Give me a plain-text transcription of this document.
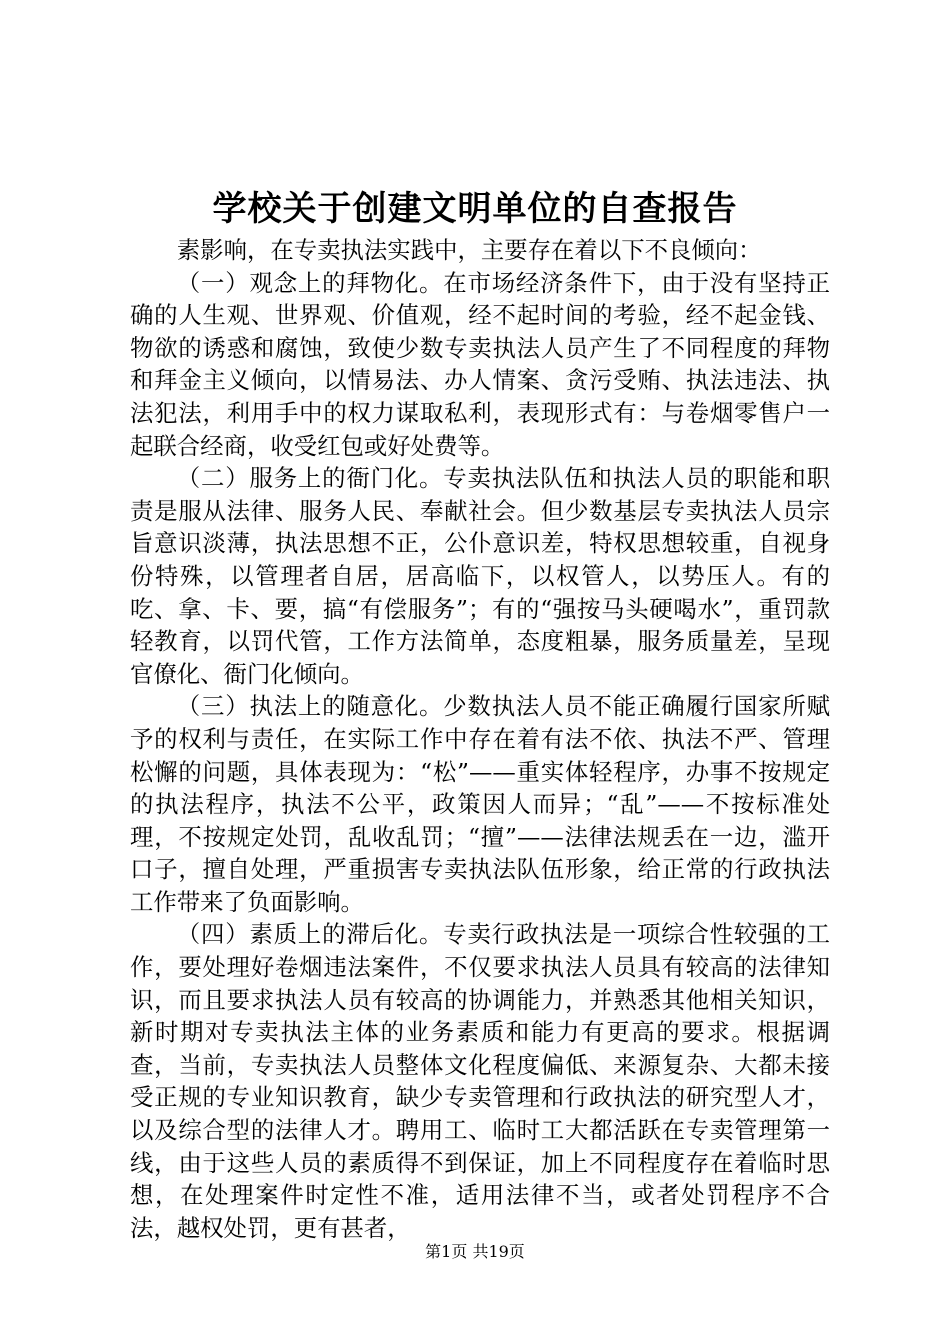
学校关于创建文明单位的自查报告

素影响，在专卖执法实践中，主要存在着以下不良倾向：

（一）观念上的拜物化。在市场经济条件下，由于没有坚持正确的人生观、世界观、价值观，经不起时间的考验，经不起金钱、物欲的诱惑和腐蚀，致使少数专卖执法人员产生了不同程度的拜物和拜金主义倾向，以情易法、办人情案、贪污受贿、执法违法、执法犯法，利用手中的权力谋取私利，表现形式有：与卷烟零售户一起联合经商，收受红包或好处费等。

（二）服务上的衙门化。专卖执法队伍和执法人员的职能和职责是服从法律、服务人民、奉献社会。但少数基层专卖执法人员宗旨意识淡薄，执法思想不正，公仆意识差，特权思想较重，自视身份特殊，以管理者自居，居高临下，以权管人，以势压人。有的吃、拿、卡、要，搞“有偿服务”；有的“强按马头硬喝水”，重罚款轻教育，以罚代管，工作方法简单，态度粗暴，服务质量差，呈现官僚化、衙门化倾向。

（三）执法上的随意化。少数执法人员不能正确履行国家所赋予的权利与责任，在实际工作中存在着有法不依、执法不严、管理松懈的问题，具体表现为：“松”——重实体轻程序，办事不按规定的执法程序，执法不公平，政策因人而异；“乱”——不按标准处理，不按规定处罚，乱收乱罚；“擅”——法律法规丢在一边，滥开口子，擅自处理，严重损害专卖执法队伍形象，给正常的行政执法工作带来了负面影响。

（四）素质上的滞后化。专卖行政执法是一项综合性较强的工作，要处理好卷烟违法案件，不仅要求执法人员具有较高的法律知识，而且要求执法人员有较高的协调能力，并熟悉其他相关知识，新时期对专卖执法主体的业务素质和能力有更高的要求。根据调查，当前，专卖执法人员整体文化程度偏低、来源复杂、大都未接受正规的专业知识教育，缺少专卖管理和行政执法的研究型人才，以及综合型的法律人才。聘用工、临时工大都活跃在专卖管理第一线，由于这些人员的素质得不到保证，加上不同程度存在着临时思想，在处理案件时定性不准，适用法律不当，或者处罚程序不合法，越权处罚，更有甚者，

第1页 共19页
